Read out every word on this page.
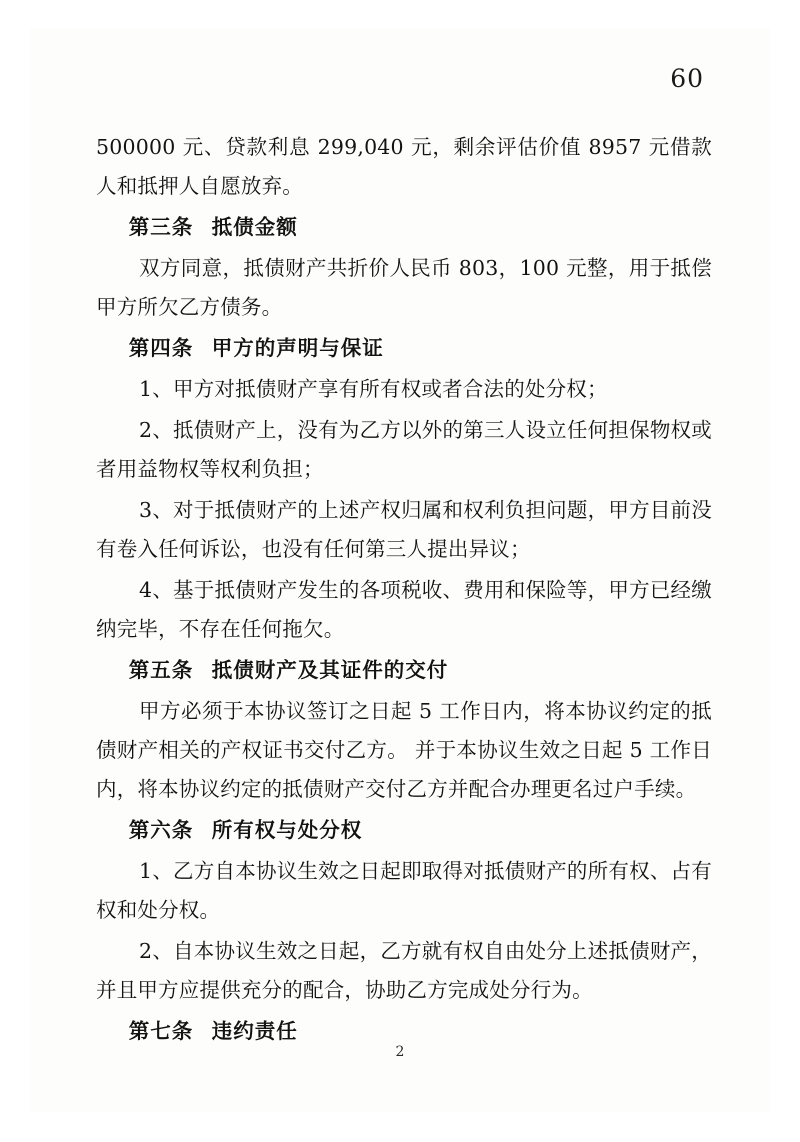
60

500000 元、贷款利息 299,040 元，剩余评估价值 8957 元借款人和抵押人自愿放弃。

第三条 抵债金额

双方同意，抵债财产共折价人民币 803，100 元整，用于抵偿甲方所欠乙方债务。

第四条 甲方的声明与保证

1、甲方对抵债财产享有所有权或者合法的处分权；

2、抵债财产上，没有为乙方以外的第三人设立任何担保物权或者用益物权等权利负担；

3、对于抵债财产的上述产权归属和权利负担问题，甲方目前没有卷入任何诉讼，也没有任何第三人提出异议；

4、基于抵债财产发生的各项税收、费用和保险等，甲方已经缴纳完毕，不存在任何拖欠。

第五条 抵债财产及其证件的交付

甲方必须于本协议签订之日起 5 工作日内，将本协议约定的抵债财产相关的产权证书交付乙方。 并于本协议生效之日起 5 工作日内，将本协议约定的抵债财产交付乙方并配合办理更名过户手续。

第六条 所有权与处分权

1、乙方自本协议生效之日起即取得对抵债财产的所有权、占有权和处分权。

2、自本协议生效之日起，乙方就有权自由处分上述抵债财产，并且甲方应提供充分的配合，协助乙方完成处分行为。

第七条 违约责任

2
